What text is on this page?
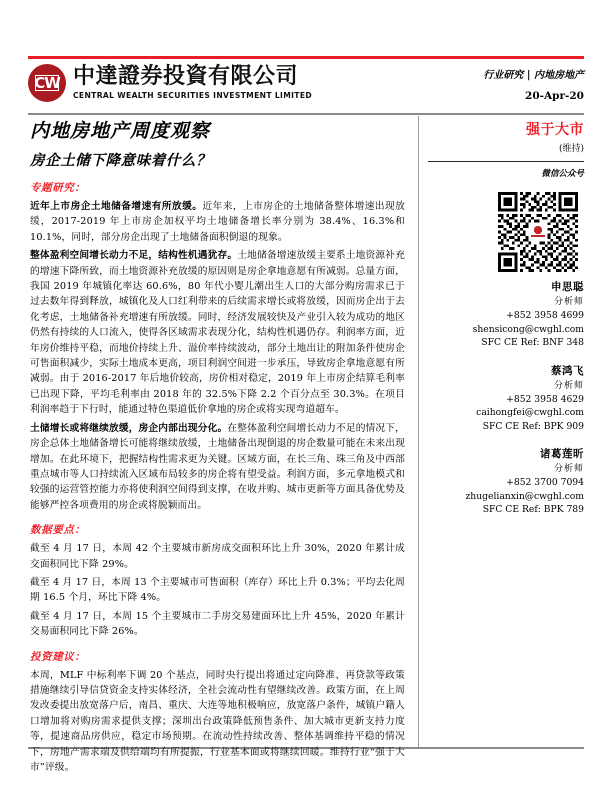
CW 中達證券投資有限公司
CENTRAL WEALTH SECURITIES INVESTMENT LIMITED
行业研究 | 内地房地产
20-Apr-20
内地房地产周度观察
房企土储下降意味着什么？
强于大市
(维持)
微信公众号
申思聪
分析师
+852 3958 4699
shensicong@cwghl.com
SFC CE Ref: BNF 348
蔡鸿飞
分析师
+852 3958 4629
caihongfei@cwghl.com
SFC CE Ref: BPK 909
诸葛莲昕
分析师
+852 3700 7094
zhugelianxin@cwghl.com
SFC CE Ref: BPK 789
专题研究：

近年上市房企土地储备增速有所放缓。近年来，上市房企的土地储备整体增速出现放缓，2017-2019 年上市房企加权平均土地储备增长率分别为 38.4%、16.3%和 10.1%，同时，部分房企出现了土地储备面积倒退的现象。

整体盈利空间增长动力不足，结构性机遇犹存。土地储备增速放缓主要系土地资源补充的增速下降所致，而土地资源补充放缓的原因则是房企拿地意愿有所减弱。总量方面，我国 2019 年城镇化率达 60.6%，80 年代小婴儿潮出生人口的大部分购房需求已于过去数年得到释放，城镇化及人口红利带来的后续需求增长或将放缓，因而房企出于去化考虑，土地储备补充增速有所放缓。同时，经济发展较快及产业引入较为成功的地区仍然有持续的人口流入，使得各区域需求表现分化，结构性机遇仍存。利润率方面，近年房价维持平稳，而地价持续上升、溢价率持续波动，部分土地出让的附加条件使房企可售面积减少，实际土地成本更高，项目利润空间进一步承压，导致房企拿地意愿有所减弱。由于 2016-2017 年后地价较高，房价相对稳定，2019 年上市房企结算毛利率已出现下降，平均毛利率由 2018 年的 32.5%下降 2.2 个百分点至 30.3%。在项目利润率趋于下行时，能通过特色渠道低价拿地的房企或将实现弯道超车。

土储增长或将继续放缓，房企内部出现分化。在整体盈利空间增长动力不足的情况下，房企总体土地储备增长可能将继续放缓，土地储备出现倒退的房企数量可能在未来出现增加。在此环境下，把握结构性需求更为关键。区域方面，在长三角、珠三角及中西部重点城市等人口持续流入区域布局较多的房企将有望受益。利润方面，多元拿地模式和较强的运营管控能力亦将使利润空间得到支撑，在收并购、城市更新等方面具备优势及能够严控各项费用的房企或将脱颖而出。

数据要点：

截至 4 月 17 日，本周 42 个主要城市新房成交面积环比上升 30%，2020 年累计成交面积同比下降 29%。

截至 4 月 17 日，本周 13 个主要城市可售面积（库存）环比上升 0.3%；平均去化周期 16.5 个月，环比下降 4%。

截至 4 月 17 日，本周 15 个主要城市二手房交易建面环比上升 45%，2020 年累计交易面积同比下降 26%。

投资建议：

本周，MLF 中标利率下调 20 个基点，同时央行提出将通过定向降准、再贷款等政策措施继续引导信贷资金支持实体经济，全社会流动性有望继续改善。政策方面，在上周发改委提出放宽落户后，南昌、重庆、大连等地积极响应，放宽落户条件，城镇户籍人口增加将对购房需求提供支撑；深圳出台政策降低预售条件、加大城市更新支持力度等，提速商品房供应，稳定市场预期。在流动性持续改善、整体基调维持平稳的情况下，房地产需求端及供给端均有所提振，行业基本面或将继续回暖。维持行业“强于大市”评级。
